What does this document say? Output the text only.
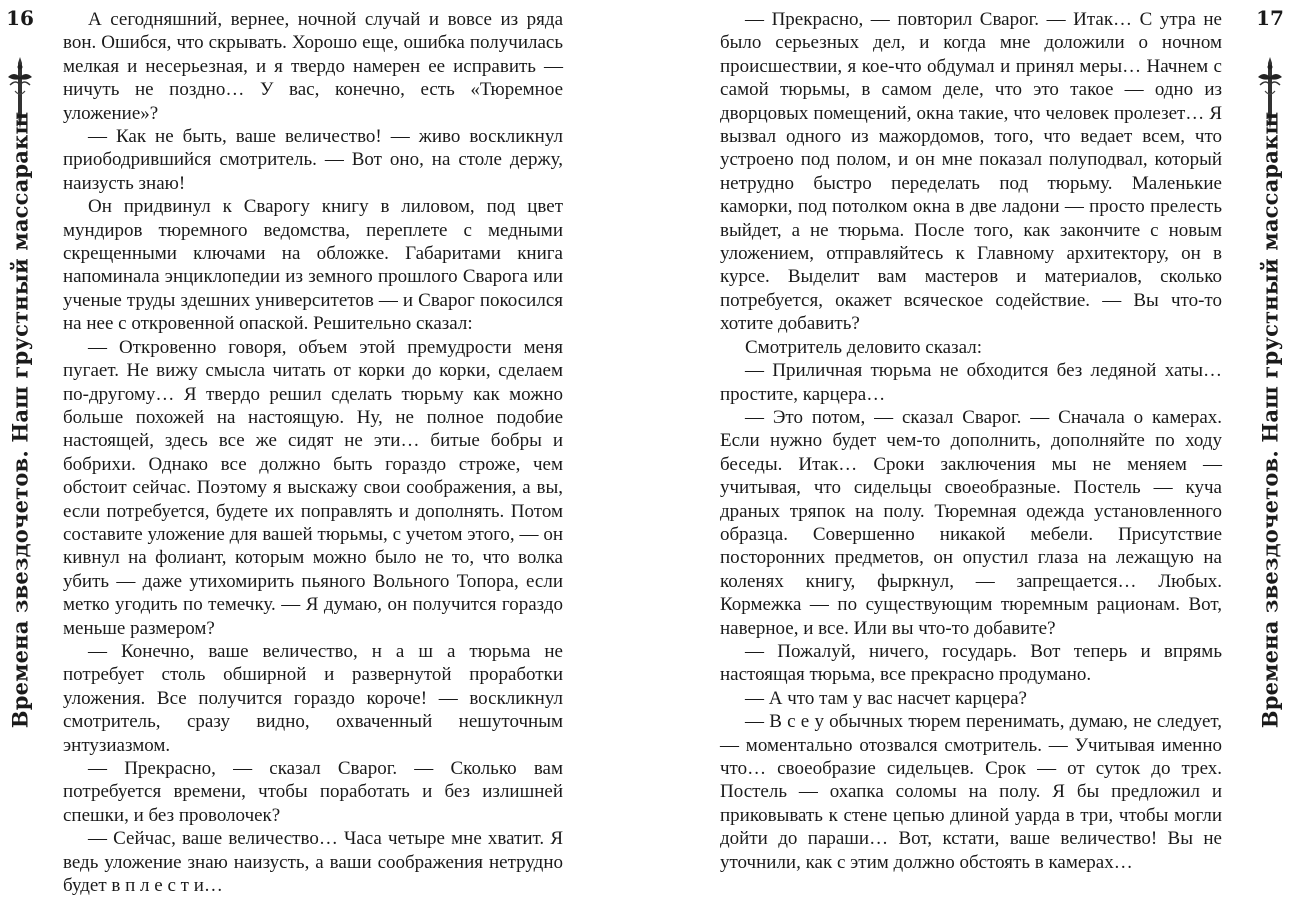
16
Времена звездочетов. Наш грустный массаракш

А сегодняшний, вернее, ночной случай и вовсе из ряда вон. Ошибся, что скрывать. Хорошо еще, ошибка получилась мелкая и несерьезная, и я твердо намерен ее исправить — ничуть не поздно… У вас, конечно, есть «Тюремное уложение»?

— Как не быть, ваше величество! — живо воскликнул приободрившийся смотритель. — Вот оно, на столе держу, наизусть знаю!

Он придвинул к Сварогу книгу в лиловом, под цвет мундиров тюремного ведомства, переплете с медными скрещенными ключами на обложке. Габаритами книга напоминала энциклопедии из земного прошлого Сварога или ученые труды здешних университетов — и Сварог покосился на нее с откровенной опаской. Решительно сказал:

— Откровенно говоря, объем этой премудрости меня пугает. Не вижу смысла читать от корки до корки, сделаем по-другому… Я твердо решил сделать тюрьму как можно больше похожей на настоящую. Ну, не полное подобие настоящей, здесь все же сидят не эти… битые бобры и бобрихи. Однако все должно быть гораздо строже, чем обстоит сейчас. Поэтому я выскажу свои соображения, а вы, если потребуется, будете их поправлять и дополнять. Потом составите уложение для вашей тюрьмы, с учетом этого, — он кивнул на фолиант, которым можно было не то, что волка убить — даже утихомирить пьяного Вольного Топора, если метко угодить по темечку. — Я думаю, он получится гораздо меньше размером?

— Конечно, ваше величество, н а ш а тюрьма не потребует столь обширной и развернутой проработки уложения. Все получится гораздо короче! — воскликнул смотритель, сразу видно, охваченный нешуточным энтузиазмом.

— Прекрасно, — сказал Сварог. — Сколько вам потребуется времени, чтобы поработать и без излишней спешки, и без проволочек?

— Сейчас, ваше величество… Часа четыре мне хватит. Я ведь уложение знаю наизусть, а ваши соображения нетрудно будет в п л е с т и…

17
Времена звездочетов. Наш грустный массаракш

— Прекрасно, — повторил Сварог. — Итак… С утра не было серьезных дел, и когда мне доложили о ночном происшествии, я кое-что обдумал и принял меры… Начнем с самой тюрьмы, в самом деле, что это такое — одно из дворцовых помещений, окна такие, что человек пролезет… Я вызвал одного из мажордомов, того, что ведает всем, что устроено под полом, и он мне показал полуподвал, который нетрудно быстро переделать под тюрьму. Маленькие каморки, под потолком окна в две ладони — просто прелесть выйдет, а не тюрьма. После того, как закончите с новым уложением, отправляйтесь к Главному архитектору, он в курсе. Выделит вам мастеров и материалов, сколько потребуется, окажет всяческое содействие. — Вы что-то хотите добавить?

Смотритель деловито сказал:

— Приличная тюрьма не обходится без ледяной хаты… простите, карцера…

— Это потом, — сказал Сварог. — Сначала о камерах. Если нужно будет чем-то дополнить, дополняйте по ходу беседы. Итак… Сроки заключения мы не меняем — учитывая, что сидельцы своеобразные. Постель — куча драных тряпок на полу. Тюремная одежда установленного образца. Совершенно никакой мебели. Присутствие посторонних предметов, он опустил глаза на лежащую на коленях книгу, фыркнул, — запрещается… Любых. Кормежка — по существующим тюремным рационам. Вот, наверное, и все. Или вы что-то добавите?

— Пожалуй, ничего, государь. Вот теперь и впрямь настоящая тюрьма, все прекрасно продумано.

— А что там у вас насчет карцера?

— В с е у обычных тюрем перенимать, думаю, не следует, — моментально отозвался смотритель. — Учитывая именно что… своеобразие сидельцев. Срок — от суток до трех. Постель — охапка соломы на полу. Я бы предложил и приковывать к стене цепью длиной уарда в три, чтобы могли дойти до параши… Вот, кстати, ваше величество! Вы не уточнили, как с этим должно обстоять в камерах…
